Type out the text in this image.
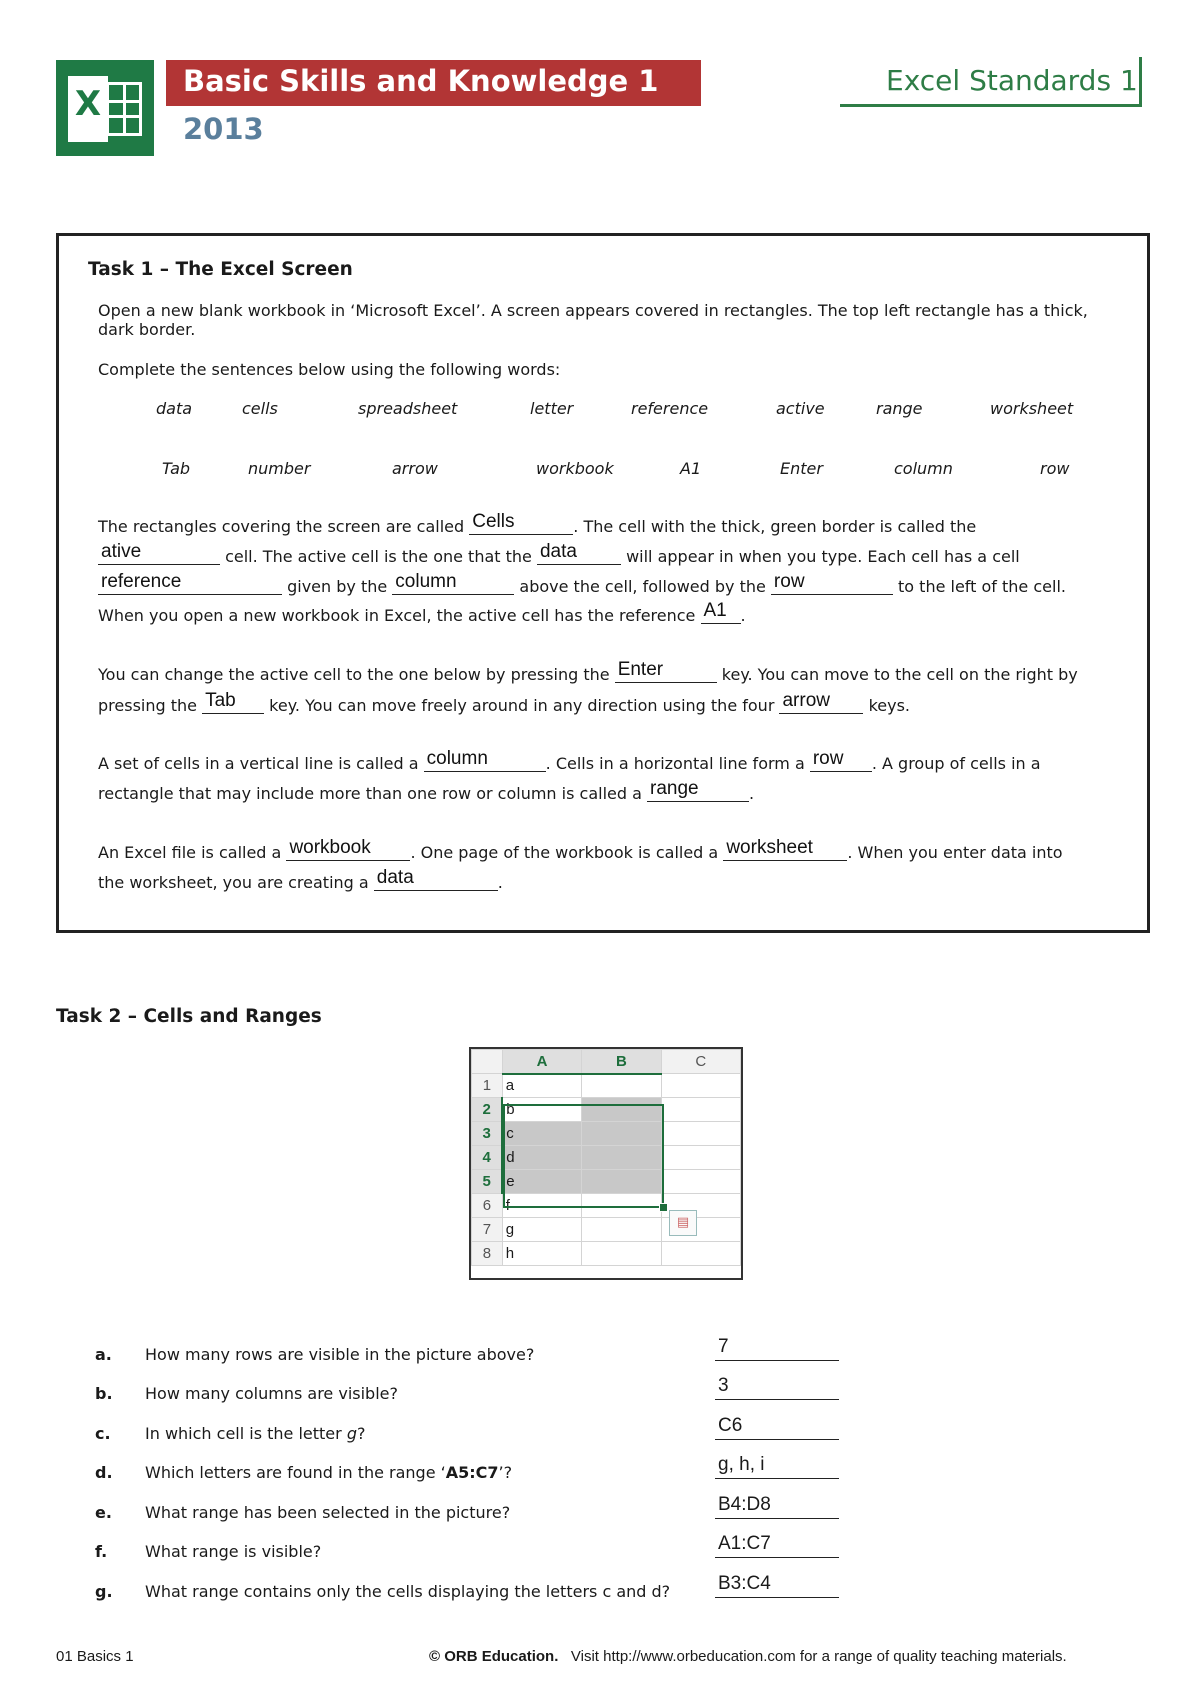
X
Basic Skills and Knowledge 1
2013
Excel Standards 1
Task 1 – The Excel Screen
Open a new blank workbook in ‘Microsoft Excel’. A screen appears covered in rectangles. The top left rectangle has a thick,
dark border.
Complete the sentences below using the following words:
data	cells	spreadsheet	letter	reference	active	range	worksheet
Tab	number	arrow	workbook	A1	Enter	column	row
The rectangles covering the screen are called Cells	. The cell with the thick, green border is called the
ative	cell. The active cell is the one that the data	will appear in when you type. Each cell has a cell
reference	given by the column	above the cell, followed by the row	to the left of the cell.
When you open a new workbook in Excel, the active cell has the reference A1 .
You can change the active cell to the one below by pressing the Enter	key. You can move to the cell on the right by
pressing the Tab key. You can move freely around in any direction using the four arrow keys.
A set of cells in a vertical line is called a column	. Cells in a horizontal line form a row . A group of cells in a
rectangle that may include more than one row or column is called a range	.
An Excel file is called a workbook . One page of the workbook is called a worksheet . When you enter data into
the worksheet, you are creating a data	.
Task 2 – Cells and Ranges
	A	B	C
1	a		
2	b		
3	c		
4	d		
5	e		
6	f		
7	g		
8	h		
▤
a. How many rows are visible in the picture above?	7
b. How many columns are visible?	3
c. In which cell is the letter g?	C6
d. Which letters are found in the range ‘A5:C7’?	g, h, i
e. What range has been selected in the picture?	B4:D8
f. What range is visible?	A1:C7
g. What range contains only the cells displaying the letters c and d?	B3:C4
01 Basics 1	© ORB Education. Visit http://www.orbeducation.com for a range of quality teaching materials.
